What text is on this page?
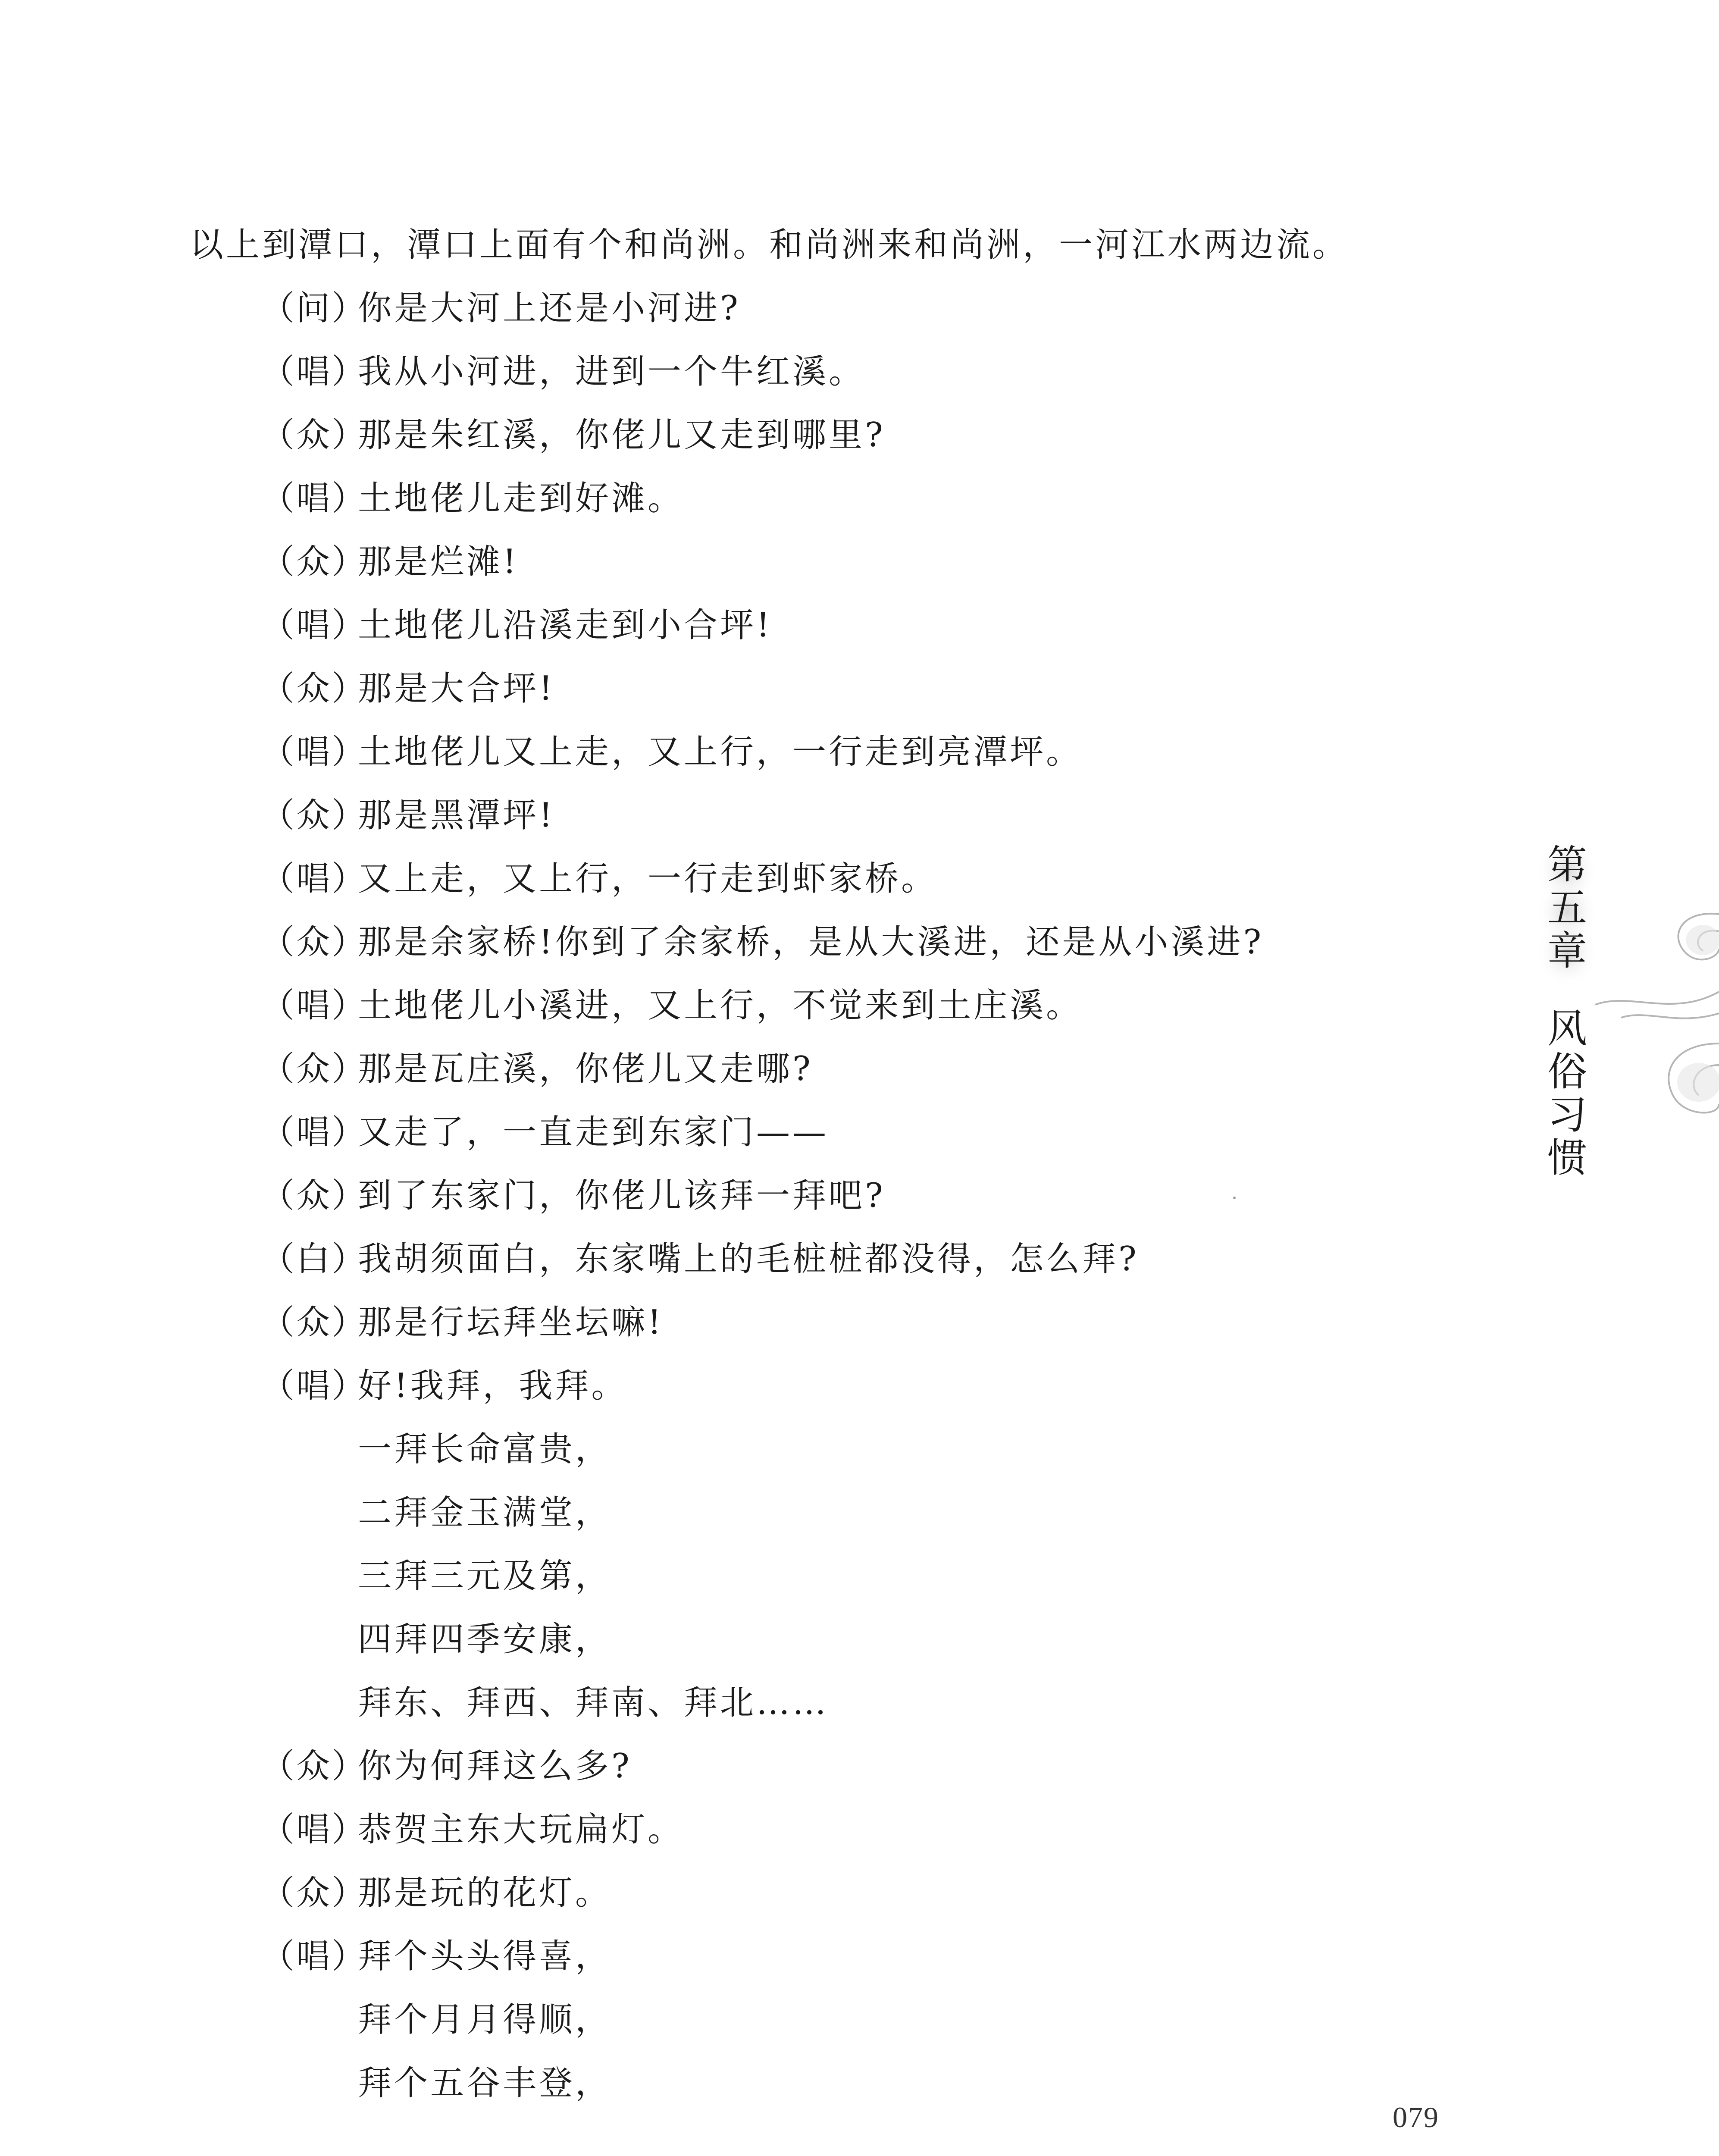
以上到潭口，潭口上面有个和尚洲。和尚洲来和尚洲，一河江水两边流。
（问）你是大河上还是小河进?
（唱）我从小河进，进到一个牛红溪。
（众）那是朱红溪，你佬儿又走到哪里?
（唱）土地佬儿走到好滩。
（众）那是烂滩!
（唱）土地佬儿沿溪走到小合坪!
（众）那是大合坪!
（唱）土地佬儿又上走，又上行，一行走到亮潭坪。
（众）那是黑潭坪!
（唱）又上走，又上行，一行走到虾家桥。
（众）那是余家桥!你到了余家桥，是从大溪进，还是从小溪进?
（唱）土地佬儿小溪进，又上行，不觉来到土庄溪。
（众）那是瓦庄溪，你佬儿又走哪?
（唱）又走了，一直走到东家门——
（众）到了东家门，你佬儿该拜一拜吧?
（白）我胡须面白，东家嘴上的毛桩桩都没得，怎么拜?
（众）那是行坛拜坐坛嘛!
（唱）好!我拜，我拜。
一拜长命富贵，
二拜金玉满堂，
三拜三元及第，
四拜四季安康，
拜东、拜西、拜南、拜北……
（众）你为何拜这么多?
（唱）恭贺主东大玩扁灯。
（众）那是玩的花灯。
（唱）拜个头头得喜，
拜个月月得顺，
拜个五谷丰登，
第
五
章
风
俗
习
惯
079
